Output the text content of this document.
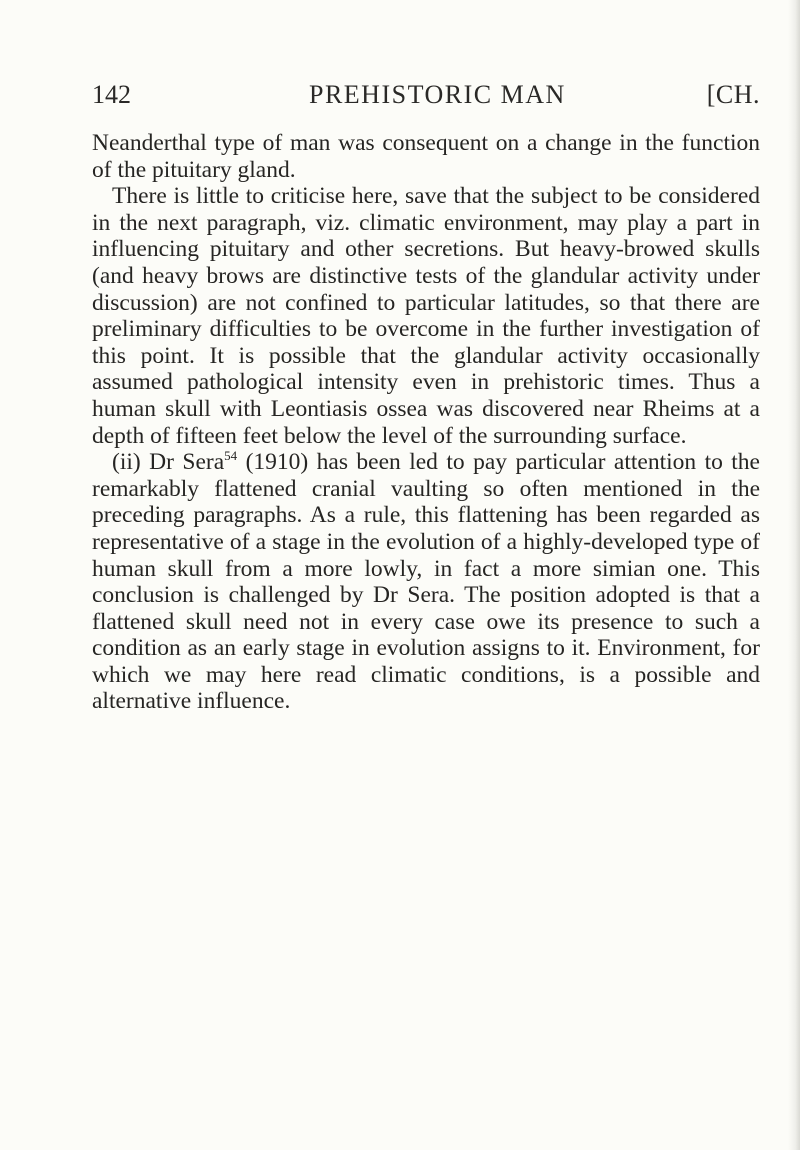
142	PREHISTORIC MAN	[CH.

Neanderthal type of man was consequent on a change in the function of the pituitary gland.

There is little to criticise here, save that the subject to be considered in the next paragraph, viz. climatic environment, may play a part in influencing pituitary and other secretions. But heavy-browed skulls (and heavy brows are distinctive tests of the glandular activity under discussion) are not confined to particular latitudes, so that there are preliminary difficulties to be overcome in the further investigation of this point. It is possible that the glandular activity occasionally assumed pathological intensity even in prehistoric times. Thus a human skull with Leontiasis ossea was discovered near Rheims at a depth of fifteen feet below the level of the surrounding surface.

(ii) Dr Sera$^{54}$ (1910) has been led to pay particular attention to the remarkably flattened cranial vaulting so often mentioned in the preceding paragraphs. As a rule, this flattening has been regarded as representative of a stage in the evolution of a highly-developed type of human skull from a more lowly, in fact a more simian one. This conclusion is challenged by Dr Sera. The position adopted is that a flattened skull need not in every case owe its presence to such a condition as an early stage in evolution assigns to it. Environment, for which we may here read climatic conditions, is a possible and alternative influence.
